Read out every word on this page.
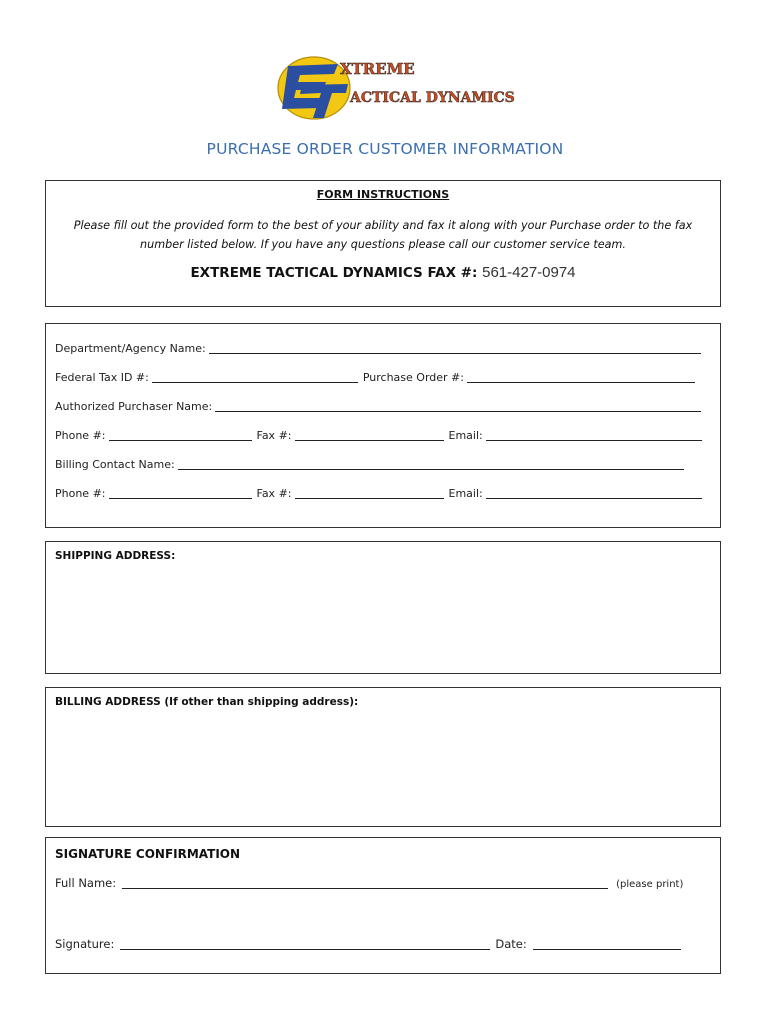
XTREME
ACTICAL DYNAMICS
PURCHASE ORDER CUSTOMER INFORMATION
FORM INSTRUCTIONS
Please fill out the provided form to the best of your ability and fax it along with your Purchase order to the fax number listed below. If you have any questions please call our customer service team.
EXTREME TACTICAL DYNAMICS FAX #: 561-427-0974
Department/Agency Name:
Federal Tax ID #:	Purchase Order #:
Authorized Purchaser Name:
Phone #:	Fax #:	Email:
Billing Contact Name:
Phone #:	Fax #:	Email:
SHIPPING ADDRESS:
BILLING ADDRESS (If other than shipping address):
SIGNATURE CONFIRMATION
Full Name:	(please print)
Signature:	Date:
